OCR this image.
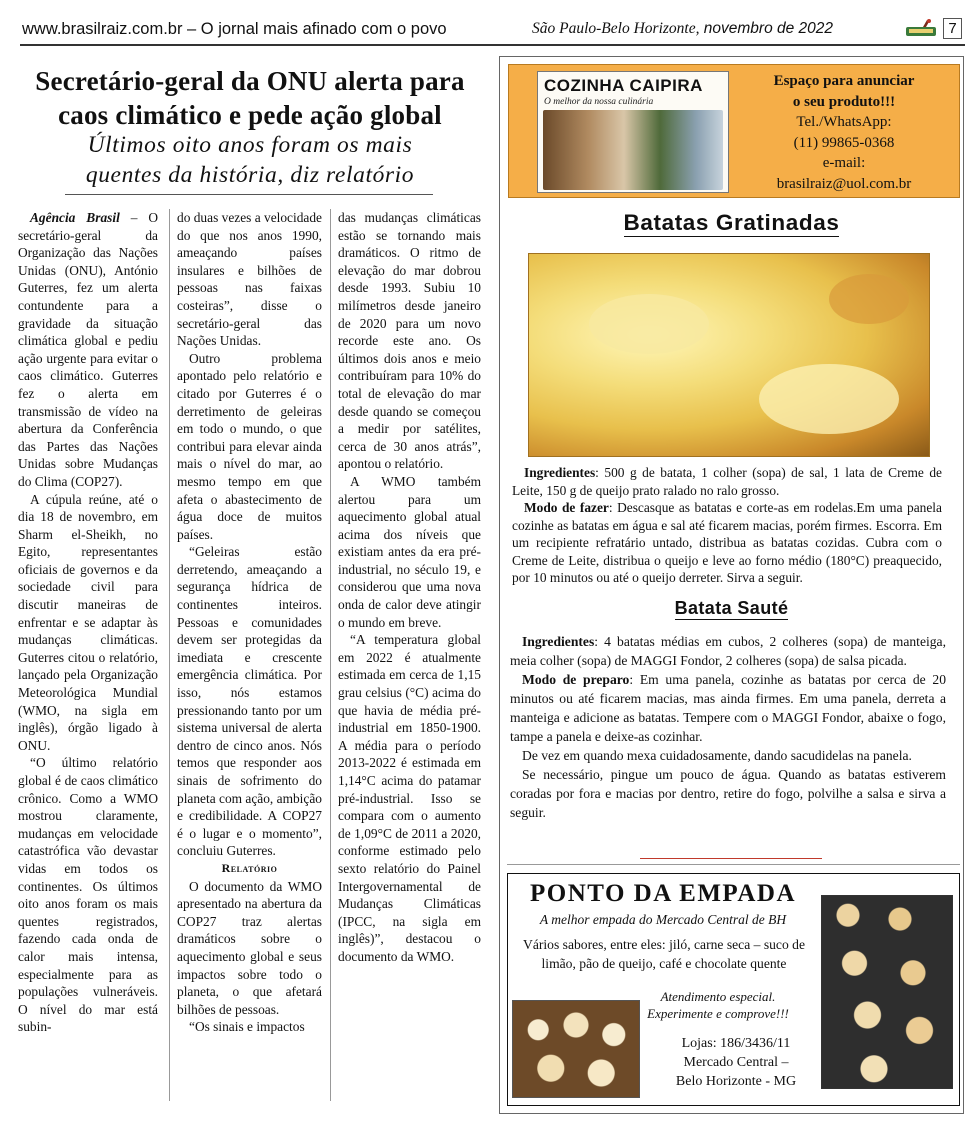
www.brasilraiz.com.br – O jornal mais afinado com o povo	São Paulo-Belo Horizonte, novembro de 2022	7
Secretário-geral da ONU alerta para
caos climático e pede ação global
Últimos oito anos foram os mais
quentes da história, diz relatório

Agência Brasil – O secretário-geral da Organização das Nações Unidas (ONU), António Guterres, fez um alerta contundente para a gravidade da situação climática global e pediu ação urgente para evitar o caos climático. Guterres fez o alerta em transmissão de vídeo na abertura da Conferência das Partes das Nações Unidas sobre Mudanças do Clima (COP27).

A cúpula reúne, até o dia 18 de novembro, em Sharm el-Sheikh, no Egito, representantes oficiais de governos e da sociedade civil para discutir maneiras de enfrentar e se adaptar às mudanças climáticas. Guterres citou o relatório, lançado pela Organização Meteorológica Mundial (WMO, na sigla em inglês), órgão ligado à ONU.

“O último relatório global é de caos climático crônico. Como a WMO mostrou claramente, mudanças em velocidade catastrófica vão devastar vidas em todos os continentes. Os últimos oito anos foram os mais quentes registrados, fazendo cada onda de calor mais intensa, especialmente para as populações vulneráveis. O nível do mar está subin-

do duas vezes a velocidade do que nos anos 1990, ameaçando países insulares e bilhões de pessoas nas faixas costeiras”, disse o secretário-geral das Nações Unidas.

Outro problema apontado pelo relatório e citado por Guterres é o derretimento de geleiras em todo o mundo, o que contribui para elevar ainda mais o nível do mar, ao mesmo tempo em que afeta o abastecimento de água doce de muitos países.

“Geleiras estão derretendo, ameaçando a segurança hídrica de continentes inteiros. Pessoas e comunidades devem ser protegidas da imediata e crescente emergência climática. Por isso, nós estamos pressionando tanto por um sistema universal de alerta dentro de cinco anos. Nós temos que responder aos sinais de sofrimento do planeta com ação, ambição e credibilidade. A COP27 é o lugar e o momento”, concluiu Guterres.

Relatório

O documento da WMO apresentado na abertura da COP27 traz alertas dramáticos sobre o aquecimento global e seus impactos sobre todo o planeta, o que afetará bilhões de pessoas.

“Os sinais e impactos

das mudanças climáticas estão se tornando mais dramáticos. O ritmo de elevação do mar dobrou desde 1993. Subiu 10 milímetros desde janeiro de 2020 para um novo recorde este ano. Os últimos dois anos e meio contribuíram para 10% do total de elevação do mar desde quando se começou a medir por satélites, cerca de 30 anos atrás”, apontou o relatório.

A WMO também alertou para um aquecimento global atual acima dos níveis que existiam antes da era pré-industrial, no século 19, e considerou que uma nova onda de calor deve atingir o mundo em breve.

“A temperatura global em 2022 é atualmente estimada em cerca de 1,15 grau celsius (°C) acima do que havia de média pré-industrial em 1850-1900. A média para o período 2013-2022 é estimada em 1,14°C acima do patamar pré-industrial. Isso se compara com o aumento de 1,09°C de 2011 a 2020, conforme estimado pelo sexto relatório do Painel Intergovernamental de Mudanças Climáticas (IPCC, na sigla em inglês)”, destacou o documento da WMO.

COZINHA CAIPIRA
O melhor da nossa culinária
Espaço para anunciar
o seu produto!!!
Tel./WhatsApp:
(11) 99865-0368
e-mail:
brasilraiz@uol.com.br
Batatas Gratinadas

Ingredientes: 500 g de batata, 1 colher (sopa) de sal, 1 lata de Creme de Leite, 150 g de queijo prato ralado no ralo grosso.

Modo de fazer: Descasque as batatas e corte-as em rodelas.Em uma panela cozinhe as batatas em água e sal até ficarem macias, porém firmes. Escorra. Em um recipiente refratário untado, distribua as batatas cozidas. Cubra com o Creme de Leite, distribua o queijo e leve ao forno médio (180°C) preaquecido, por 10 minutos ou até o queijo derreter. Sirva a seguir.

Batata Sauté

Ingredientes: 4 batatas médias em cubos, 2 colheres (sopa) de manteiga, meia colher (sopa) de MAGGI Fondor, 2 colheres (sopa) de salsa picada.

Modo de preparo: Em uma panela, cozinhe as batatas por cerca de 20 minutos ou até ficarem macias, mas ainda firmes. Em uma panela, derreta a manteiga e adicione as batatas. Tempere com o MAGGI Fondor, abaixe o fogo, tampe a panela e deixe-as cozinhar.

De vez em quando mexa cuidadosamente, dando sacudidelas na panela.

Se necessário, pingue um pouco de água. Quando as batatas estiverem coradas por fora e macias por dentro, retire do fogo, polvilhe a salsa e sirva a seguir.

PONTO DA EMPADA
A melhor empada do Mercado Central de BH
Vários sabores, entre eles: jiló, carne seca – suco de limão, pão de queijo, café e chocolate quente
Atendimento especial.
Experimente e comprove!!!
Lojas: 186/3436/11
Mercado Central –
Belo Horizonte - MG
